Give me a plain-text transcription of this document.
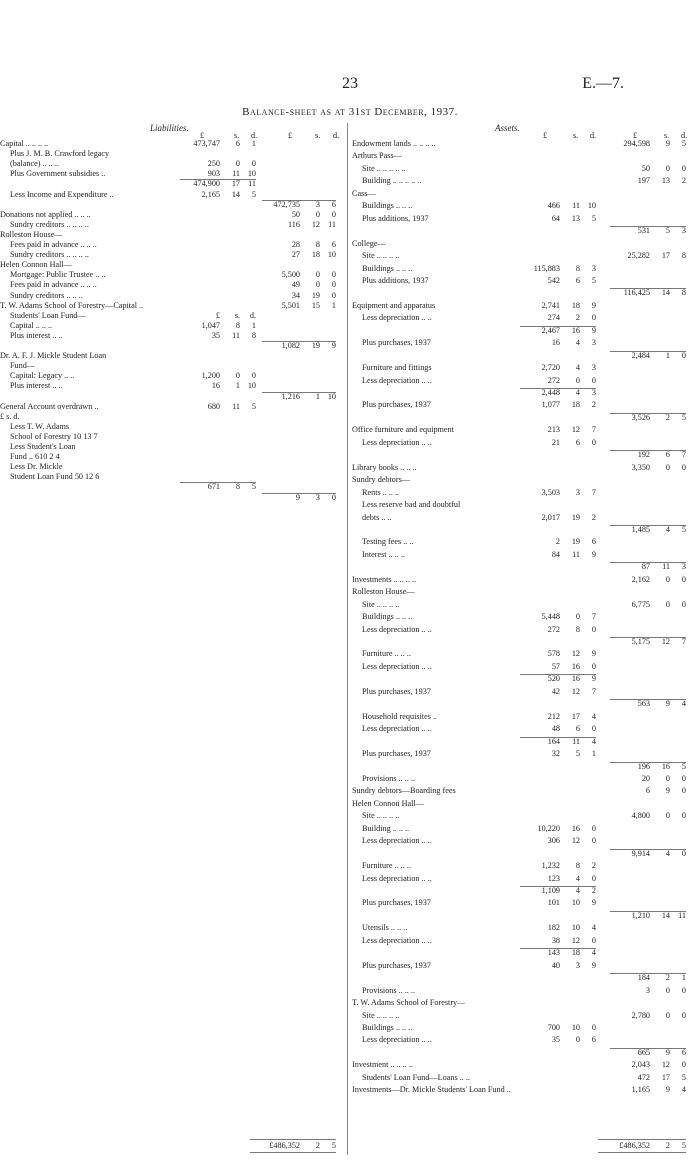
23	E.—7.
Balance-sheet as at 31st December, 1937.
Liabilities.	Assets.
£	s. d.	£	s. d.	£	s. d.	£	s. d.
Capital .. .. .. ..	473,747	6	1
Plus J. M. B. Crawford legacy
(balance) .. .. ..	250	0	0
Plus Government subsidies ..	903	11 10
474,900	17 11
Less Income and Expenditure ..	2,165	14	5
472,735	3	6
Donations not applied .. .. ..	50	0	0
Sundry creditors .. .. .. ..	116	12 11
Rolleston House—
Fees paid in advance .. .. ..	28	8	6
Sundry creditors .. .. .. ..	27	18 10
Helen Connon Hall—
Mortgage: Public Trustee .. ..	5,500	0	0
Fees paid in advance .. .. ..	49	0	0
Sundry creditors .. .. ..	34	19	0
T. W. Adams School of Forestry—Capital ..	5,501	15	1
Students' Loan Fund—	£	s.	d.
Capital .. .. ..	1,047	8	1
Plus interest .. ..	35	11	8
1,082	19	9
Dr. A. F. J. Mickle Student Loan
Fund—
Capital: Legacy .. ..	1,200	0	0
Plus interest .. ..	16	1 10
1,216	1 10
General Account overdrawn ..	680	11	5
£ s. d.
Less T. W. Adams
School of Forestry 10 13 7
Less Student's Loan
Fund .. 610 2 4
Less Dr. Mickle
Student Loan Fund 50 12 6
671	8	5
9	3	0
£486,352	2	5
Endowment lands .. .. .. ..	294,598	9	5
Arthurs Pass—
Site .. .. .. .. ..	50	0	0
Building .. .. .. .. ..	197	13	2
Cass—
Buildings .. .. ..	466	11 10
Plus additions, 1937	64	13	5
531	5	3
College—
Site .. .. .. ..	25,282	17	8
Buildings .. .. ..	115,883	8	3
Plus additions, 1937	542	6	5
116,425	14	8
Equipment and apparatus	2,741	18	9
Less depreciation .. ..	274	2	0
2,467	16	9
Plus purchases, 1937	16	4	3
2,484	1	0
Furniture and fittings	2,720	4	3
Less depreciation .. ..	272	0	0
2,448	4	3
Plus purchases, 1937	1,077	18	2
3,526	2	5
Office furniture and equipment	213	12	7
Less depreciation .. ..	21	6	0
192	6	7
Library books .. .. ..	3,350	0	0
Sundry debtors—
Rents .. .. ..	3,503	3	7
Less reserve bad and doubtful
debts .. ..	2,017	19	2
1,485	4	5
Testing fees .. ..	2	19	6
Interest .. .. ..	84	11	9
87	11	3
Investments .. .. .. ..	2,162	0	0
Rolleston House—
Site .. .. .. ..	6,775	0	0
Buildings .. .. ..	5,448	0	7
Less depreciation .. ..	272	8	0
5,175	12	7
Furniture .. .. ..	578	12	9
Less depreciation .. ..	57	16	0
520	16	9
Plus purchases, 1937	42	12	7
563	9	4
Household requisites ..	212	17	4
Less depreciation .. ..	48	6	0
164	11	4
Plus purchases, 1937	32	5	1
196	16	5
Provisions .. .. ..	20	0	0
Sundry debtors—Boarding fees	6	9	0
Helen Connon Hall—
Site .. .. .. ..	4,800	0	0
Building .. .. ..	10,220	16	0
Less depreciation .. ..	306	12	0
9,914	4	0
Furniture .. .. ..	1,232	8	2
Less depreciation .. ..	123	4	0
1,109	4	2
Plus purchases, 1937	101	10	9
1,210	14 11
Utensils .. .. ..	182	10	4
Less depreciation .. ..	38	12	0
143	18	4
Plus purchases, 1937	40	3	9
184	2	1
Provisions .. .. ..	3	0	0
T. W. Adams School of Forestry—
Site .. .. .. ..	2,780	0	0
Buildings .. .. ..	700	10	0
Less depreciation .. ..	35	0	6
665	9	6
Investment .. .. .. ..	2,043	12	0
Students' Loan Fund—Loans .. ..	472	17	5
Investments—Dr. Mickle Students' Loan Fund ..	1,165	9	4
£486,352	2	5
